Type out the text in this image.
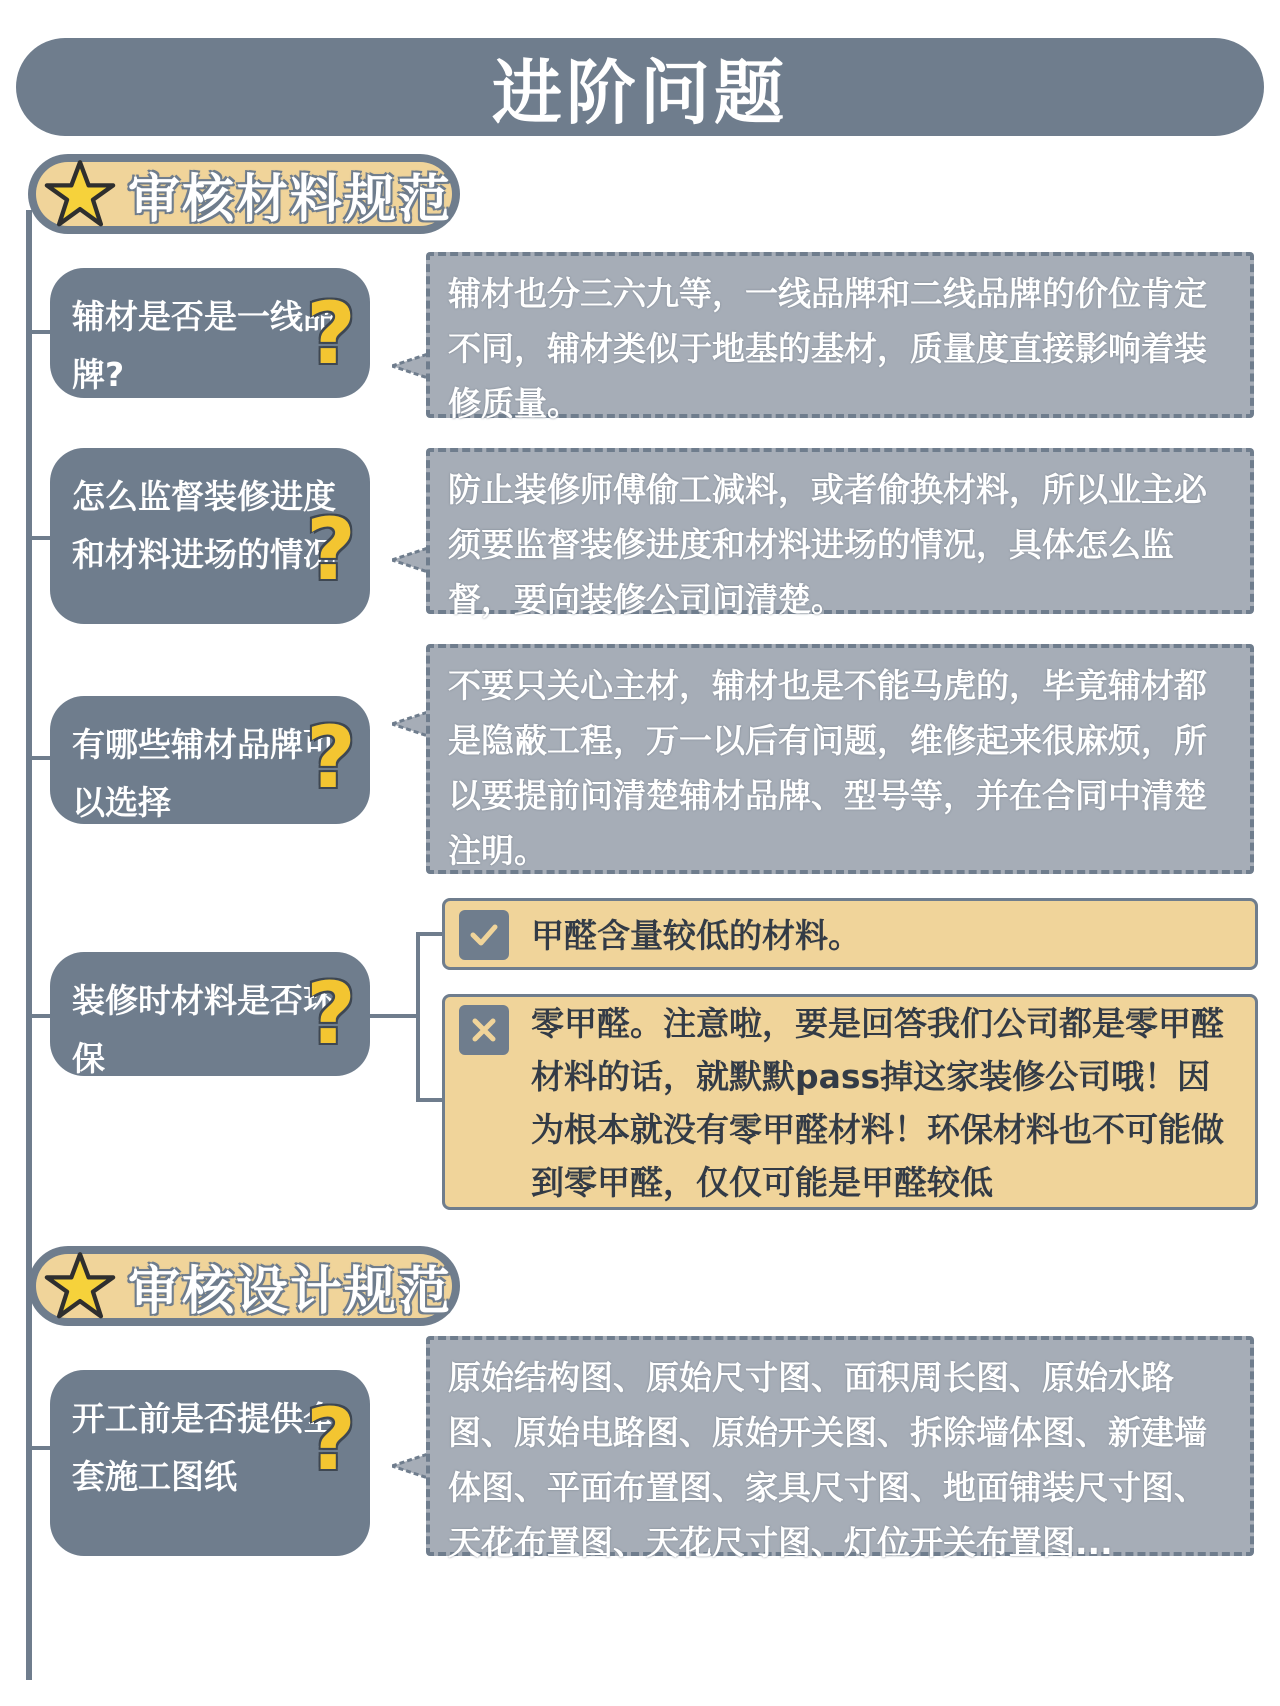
进阶问题
审核材料规范
辅材是否是一线品牌?	?	辅材也分三六九等，一线品牌和二线品牌的价位肯定不同，辅材类似于地基的基材，质量度直接影响着装修质量。
怎么监督装修进度和材料进场的情况
?
防止装修师傅偷工减料，或者偷换材料，所以业主必须要监督装修进度和材料进场的情况，具体怎么监督，要向装修公司问清楚。
有哪些辅材品牌可以选择	?
不要只关心主材，辅材也是不能马虎的，毕竟辅材都是隐蔽工程，万一以后有问题，维修起来很麻烦，所以要提前问清楚辅材品牌、型号等，并在合同中清楚注明。
装修时材料是否环保	?
甲醛含量较低的材料。
零甲醛。注意啦，要是回答我们公司都是零甲醛材料的话，就默默pass掉这家装修公司哦！因为根本就没有零甲醛材料！环保材料也不可能做到零甲醛，仅仅可能是甲醛较低
审核设计规范
开工前是否提供全套施工图纸 ?
原始结构图、原始尺寸图、面积周长图、原始水路图、原始电路图、原始开关图、拆除墙体图、新建墙体图、平面布置图、家具尺寸图、地面铺装尺寸图、天花布置图、天花尺寸图、灯位开关布置图...
